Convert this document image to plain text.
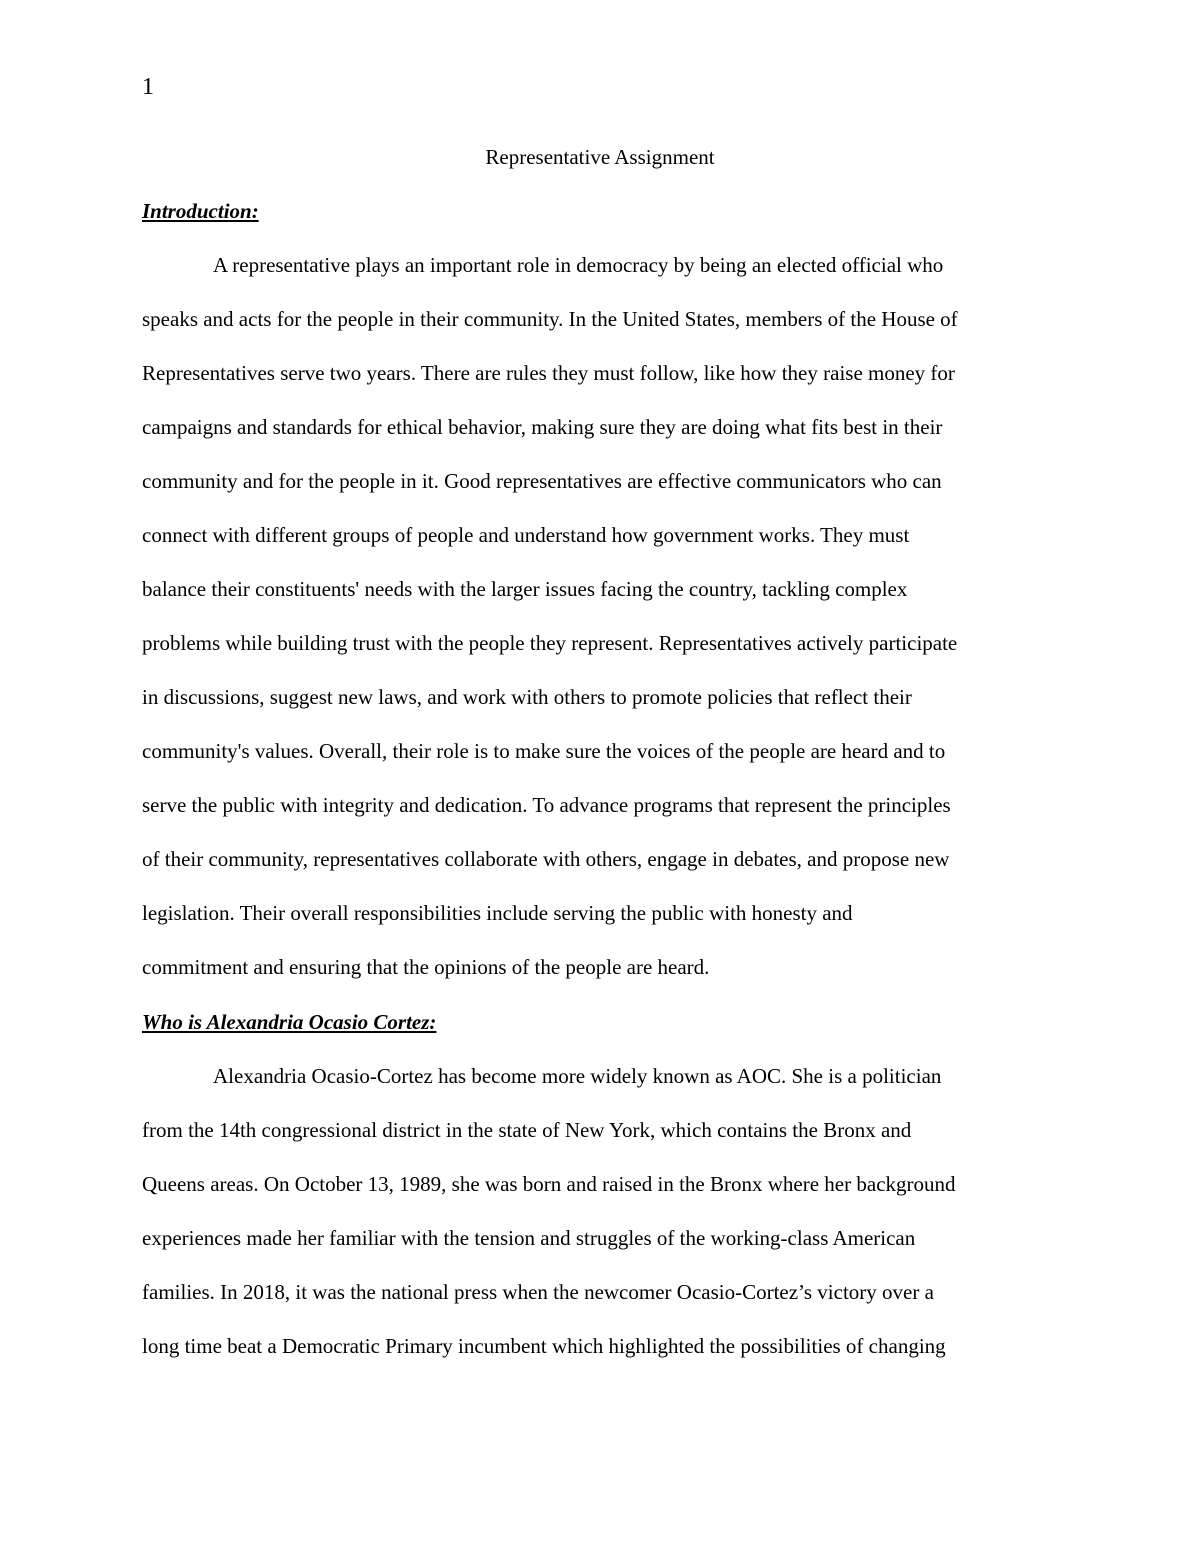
1
Representative Assignment
Introduction:
A representative plays an important role in democracy by being an elected official who
speaks and acts for the people in their community. In the United States, members of the House of
Representatives serve two years. There are rules they must follow, like how they raise money for
campaigns and standards for ethical behavior, making sure they are doing what fits best in their
community and for the people in it. Good representatives are effective communicators who can
connect with different groups of people and understand how government works. They must
balance their constituents' needs with the larger issues facing the country, tackling complex
problems while building trust with the people they represent. Representatives actively participate
in discussions, suggest new laws, and work with others to promote policies that reflect their
community's values. Overall, their role is to make sure the voices of the people are heard and to
serve the public with integrity and dedication. To advance programs that represent the principles
of their community, representatives collaborate with others, engage in debates, and propose new
legislation. Their overall responsibilities include serving the public with honesty and
commitment and ensuring that the opinions of the people are heard.
Who is Alexandria Ocasio Cortez:
Alexandria Ocasio-Cortez has become more widely known as AOC. She is a politician
from the 14th congressional district in the state of New York, which contains the Bronx and
Queens areas. On October 13, 1989, she was born and raised in the Bronx where her background
experiences made her familiar with the tension and struggles of the working-class American
families. In 2018, it was the national press when the newcomer Ocasio-Cortez’s victory over a
long time beat a Democratic Primary incumbent which highlighted the possibilities of changing
